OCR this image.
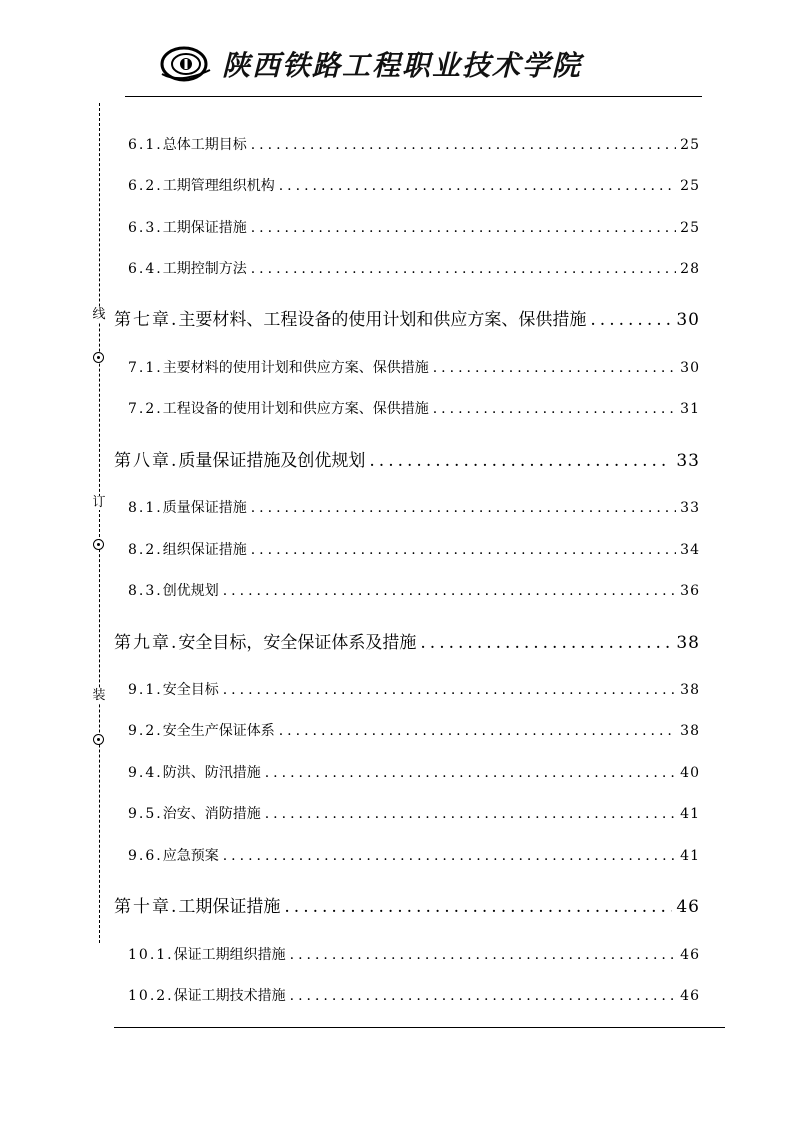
陕西铁路工程职业技术学院
线
订
装
6.1. 总体工期目标 .....	25
6.2. 工期管理组织机构 .....	25
6.3. 工期保证措施 .....	25
6.4. 工期控制方法 .....	28
第七章. 主要材料、工程设备的使用计划和供应方案、保供措施 .....	30
7.1. 主要材料的使用计划和供应方案、保供措施 .....	30
7.2. 工程设备的使用计划和供应方案、保供措施 .....	31
第八章. 质量保证措施及创优规划 .....	33
8.1. 质量保证措施 .....	33
8.2. 组织保证措施 .....	34
8.3. 创优规划 .....	36
第九章. 安全目标，安全保证体系及措施 .....	38
9.1. 安全目标 .....	38
9.2. 安全生产保证体系 .....	38
9.4. 防洪、防汛措施 .....	40
9.5. 治安、消防措施 .....	41
9.6. 应急预案 .....	41
第十章. 工期保证措施 .....	46
10.1. 保证工期组织措施 .....	46
10.2. 保证工期技术措施 .....	46
